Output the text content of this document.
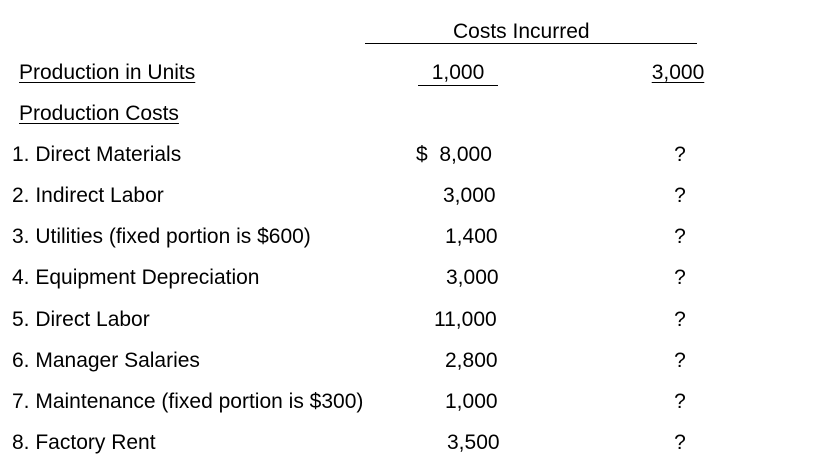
Costs Incurred
Production in Units	1,000	3,000
Production Costs
1. Direct Materials	$  8,000	?
2. Indirect Labor	3,000	?
3. Utilities (fixed portion is $600)	1,400	?
4. Equipment Depreciation	3,000	?
5. Direct Labor	11,000	?
6. Manager Salaries	2,800	?
7. Maintenance (fixed portion is $300)	1,000	?
8. Factory Rent	3,500	?
